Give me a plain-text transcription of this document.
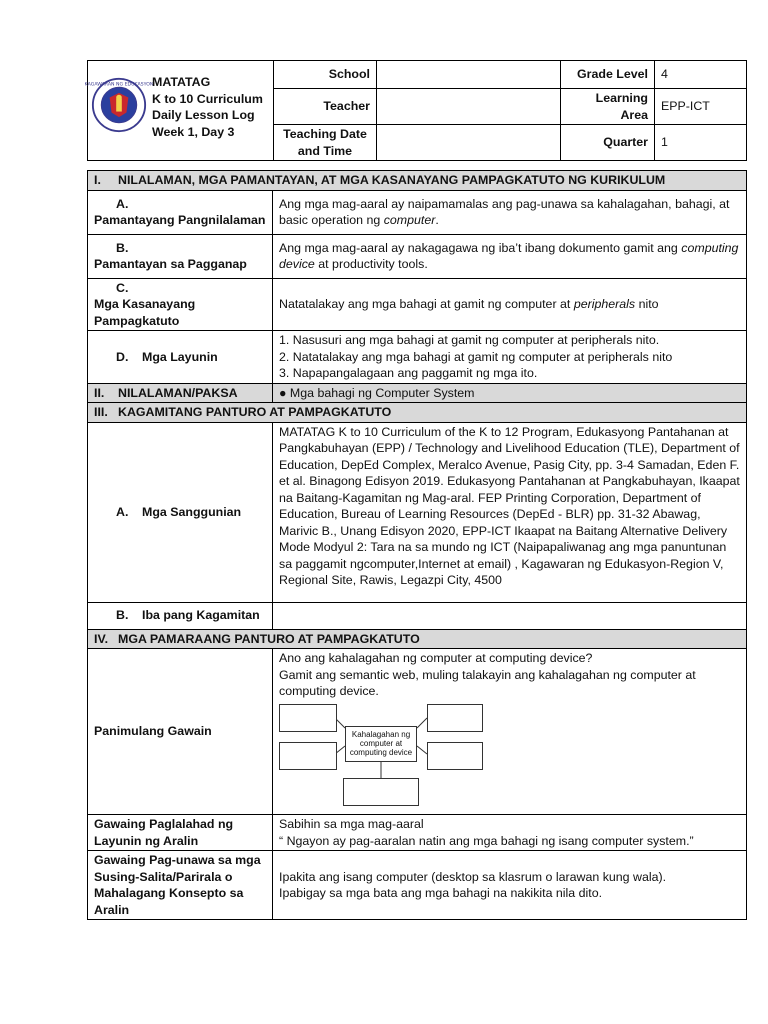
KAGAWARAN NG EDUKASYON
MATATAG
K to 10 Curriculum
Daily Lesson Log
Week 1, Day 3	School		Grade Level	4
	Teacher		Learning Area	EPP-ICT
	Teaching Date and Time		Quarter	1
I. NILALAMAN, MGA PAMANTAYAN, AT MGA KASANAYANG PAMPAGKATUTO NG KURIKULUM	
A.Pamantayang Pangnilalaman	Ang mga mag-aaral ay naipamamalas ang pag-unawa sa kahalagahan, bahagi, at basic operation ng computer.
B.Pamantayan sa Pagganap	Ang mga mag-aaral ay nakagagawa ng iba’t ibang dokumento gamit ang computing device at productivity tools.
C.Mga Kasanayang Pampagkatuto	Natatalakay ang mga bahagi at gamit ng computer at peripherals nito
D. Mga Layunin	1. Nasusuri ang mga bahagi at gamit ng computer at peripherals nito.
2. Natatalakay ang mga bahagi at gamit ng computer at peripherals nito
3. Napapangalagaan ang paggamit ng mga ito.

II. NILALAMAN/PAKSA	● Mga bahagi ng Computer System
III. KAGAMITANG PANTURO AT PAMPAGKATUTO	
A. Mga Sanggunian	MATATAG K to 10 Curriculum of the K to 12 Program, Edukasyong Pantahanan at Pangkabuhayan (EPP) / Technology and Livelihood Education (TLE), Department of Education, DepEd Complex, Meralco Avenue, Pasig City, pp. 3-4 Samadan, Eden F. et al. Binagong Edisyon 2019. Edukasyong Pantahanan at Pangkabuhayan, Ikaapat na Baitang-Kagamitan ng Mag-aral. FEP Printing Corporation, Department of Education, Bureau of Learning Resources (DepEd - BLR) pp. 31-32 Abawag, Marivic B., Unang Edisyon 2020, EPP-ICT Ikaapat na Baitang Alternative Delivery Mode Modyul 2: Tara na sa mundo ng ICT (Naipapaliwanag ang mga panuntunan sa paggamit ngcomputer,Internet at email) , Kagawaran ng Edukasyon-Region V, Regional Site, Rawis, Legazpi City, 4500
B. Iba pang Kagamitan	
IV. MGA PAMARAANG PANTURO AT PAMPAGKATUTO	
Panimulang Gawain	Ano ang kahalagahan ng computer at computing device?
Gamit ang semantic web, muling talakayin ang kahalagahan ng computer at computing device.
Kahalagahan ng computer at computing device

Gawaing Paglalahad ng Layunin ng Aralin	Sabihin sa mga mag-aaral
“ Ngayon ay pag-aaralan natin ang mga bahagi ng isang computer system.”

Gawaing Pag-unawa sa mga Susing-Salita/Parirala o Mahalagang Konsepto sa Aralin	Ipakita ang isang computer (desktop sa klasrum o larawan kung wala).
Ipabigay sa mga bata ang mga bahagi na nakikita nila dito.
